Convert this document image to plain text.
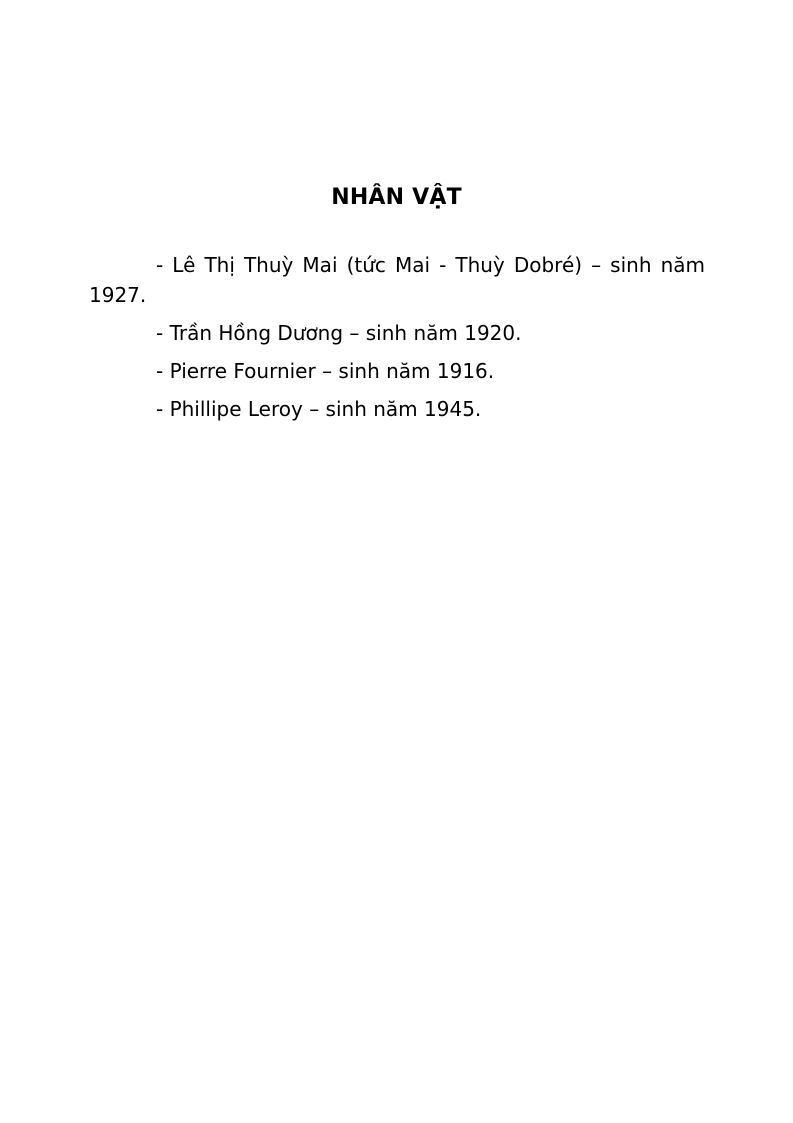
NHÂN VẬT

- Lê Thị Thuỳ Mai (tức Mai - Thuỳ Dobré) – sinh năm 1927.

- Trần Hồng Dương – sinh năm 1920.

- Pierre Fournier – sinh năm 1916.

- Phillipe Leroy – sinh năm 1945.
